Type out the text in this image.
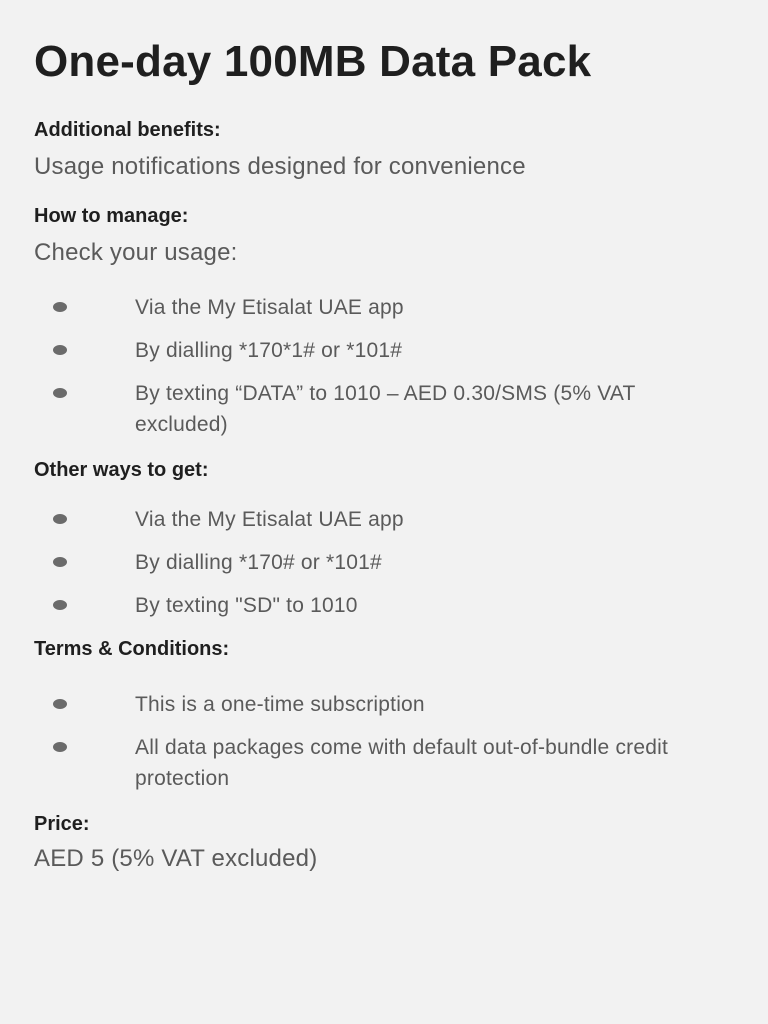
One-day 100MB Data Pack
Additional benefits:

Usage notifications designed for convenience

How to manage:

Check your usage:

Via the My Etisalat UAE app
By dialling *170*1# or *101#
By texting “DATA” to 1010 – AED 0.30/SMS (5% VAT excluded)
Other ways to get:
Via the My Etisalat UAE app
By dialling *170# or *101#
By texting "SD" to 1010
Terms & Conditions:
This is a one-time subscription
All data packages come with default out-of-bundle credit protection
Price:

AED 5 (5% VAT excluded)
